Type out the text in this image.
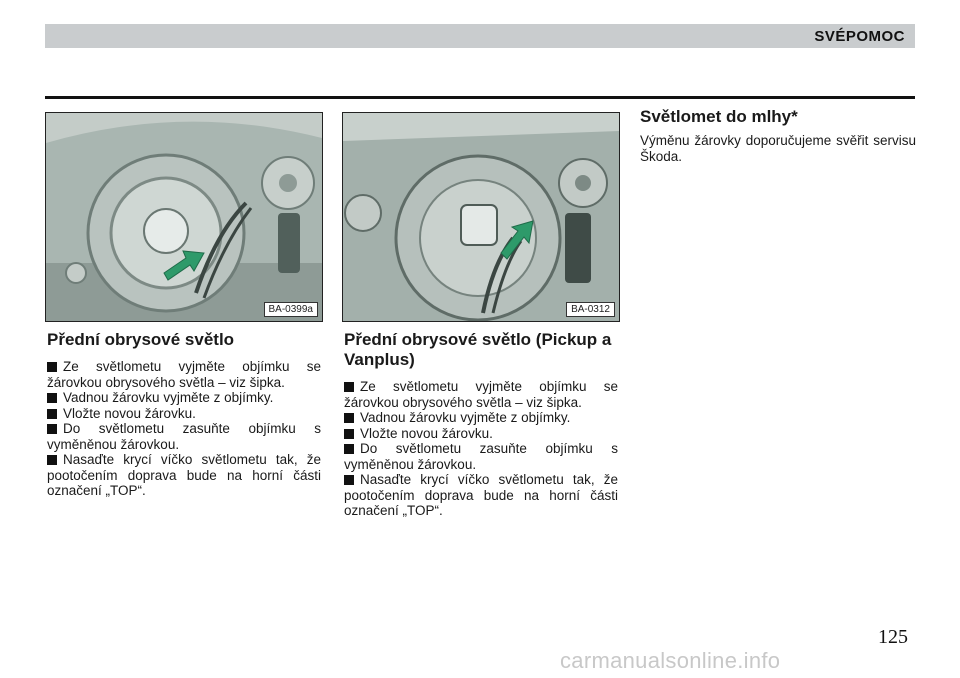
SVÉPOMOC
BA-0399a	BA-0312
Přední obrysové světlo

Ze světlometu vyjměte objímku se žárovkou obrysového světla – viz šipka.

Vadnou žárovku vyjměte z objímky.

Vložte novou žárovku.

Do světlometu zasuňte objímku s vyměněnou žárovkou.

Nasaďte krycí víčko světlometu tak, že pootočením doprava bude na horní části označení „TOP“.

Přední obrysové světlo (Pickup a Vanplus)

Ze světlometu vyjměte objímku se žárovkou obrysového světla – viz šipka.

Vadnou žárovku vyjměte z objímky.

Vložte novou žárovku.

Do světlometu zasuňte objímku s vyměněnou žárovkou.

Nasaďte krycí víčko světlometu tak, že pootočením doprava bude na horní části označení „TOP“.

Světlomet do mlhy*

Výměnu žárovky doporučujeme svěřit servisu Škoda.

125
carmanualsonline.info
